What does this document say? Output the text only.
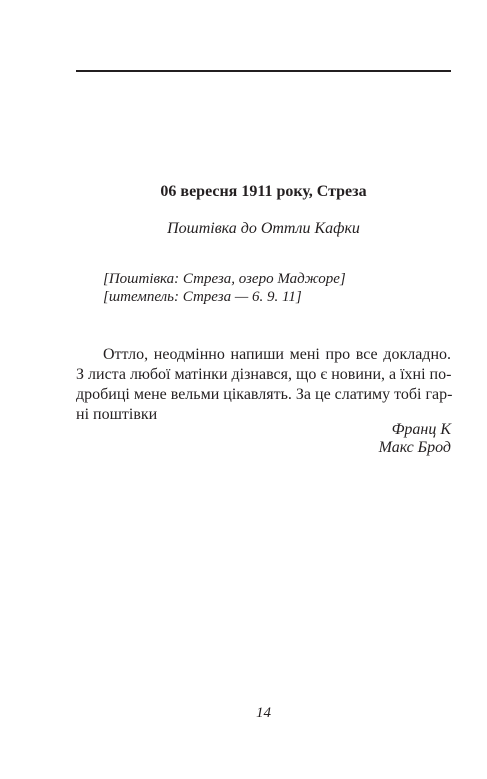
06 вересня 1911 року, Стреза
Поштівка до Оттли Кафки
[Поштівка: Стреза, озеро Маджоре]
[штемпель: Стреза — 6. 9. 11]
Оттло, неодмінно напиши мені про все докладно.
З листа любої матінки дізнався, що є новини, а їхні по-
дробиці мене вельми цікавлять. За це слатиму тобі гар-
ні поштівки
Франц К
Макс Брод
14
